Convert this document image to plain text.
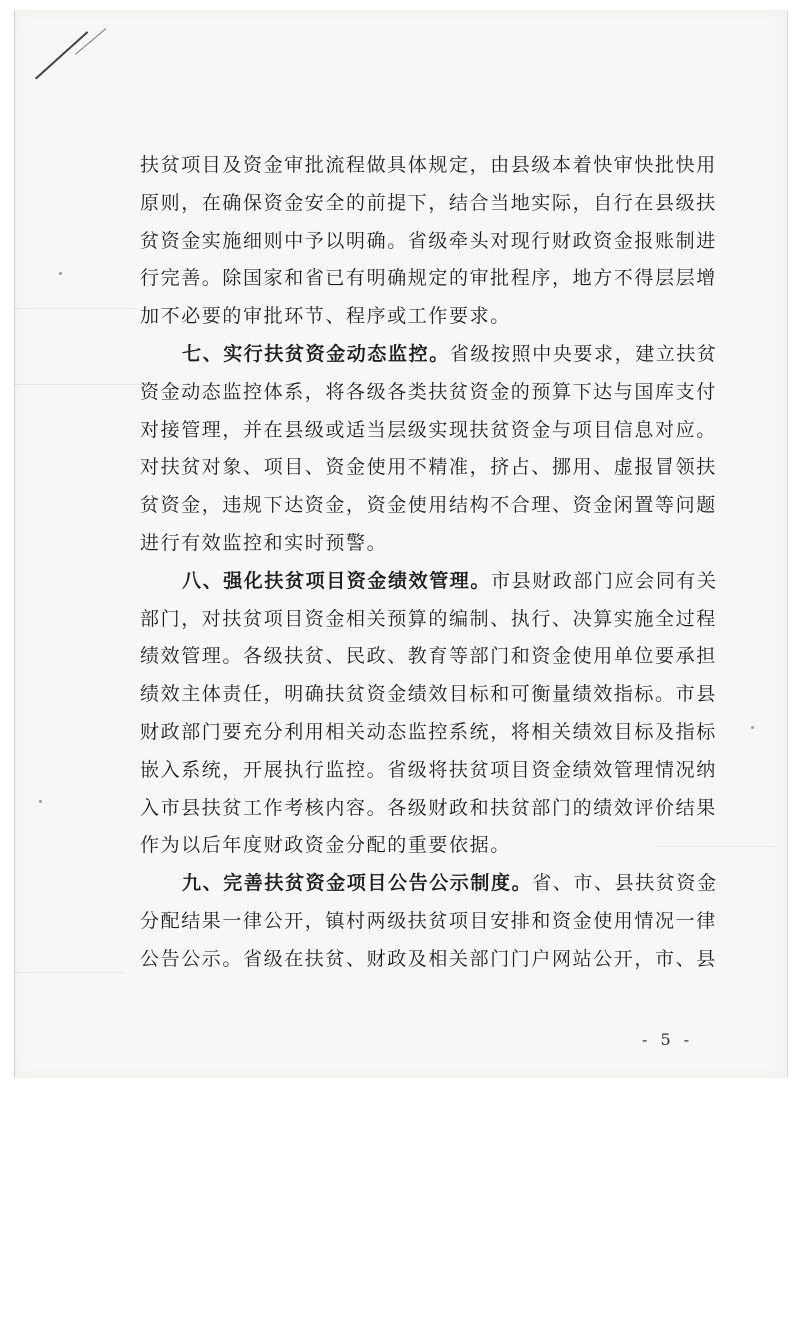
扶贫项目及资金审批流程做具体规定，由县级本着快审快批快用
原则，在确保资金安全的前提下，结合当地实际，自行在县级扶
贫资金实施细则中予以明确。省级牵头对现行财政资金报账制进
行完善。除国家和省已有明确规定的审批程序，地方不得层层增
加不必要的审批环节、程序或工作要求。
七、实行扶贫资金动态监控。省级按照中央要求，建立扶贫
资金动态监控体系，将各级各类扶贫资金的预算下达与国库支付
对接管理，并在县级或适当层级实现扶贫资金与项目信息对应。
对扶贫对象、项目、资金使用不精准，挤占、挪用、虚报冒领扶
贫资金，违规下达资金，资金使用结构不合理、资金闲置等问题
进行有效监控和实时预警。
八、强化扶贫项目资金绩效管理。市县财政部门应会同有关
部门，对扶贫项目资金相关预算的编制、执行、决算实施全过程
绩效管理。各级扶贫、民政、教育等部门和资金使用单位要承担
绩效主体责任，明确扶贫资金绩效目标和可衡量绩效指标。市县
财政部门要充分利用相关动态监控系统，将相关绩效目标及指标
嵌入系统，开展执行监控。省级将扶贫项目资金绩效管理情况纳
入市县扶贫工作考核内容。各级财政和扶贫部门的绩效评价结果
作为以后年度财政资金分配的重要依据。
九、完善扶贫资金项目公告公示制度。省、市、县扶贫资金
分配结果一律公开，镇村两级扶贫项目安排和资金使用情况一律
公告公示。省级在扶贫、财政及相关部门门户网站公开，市、县
- 5 -
